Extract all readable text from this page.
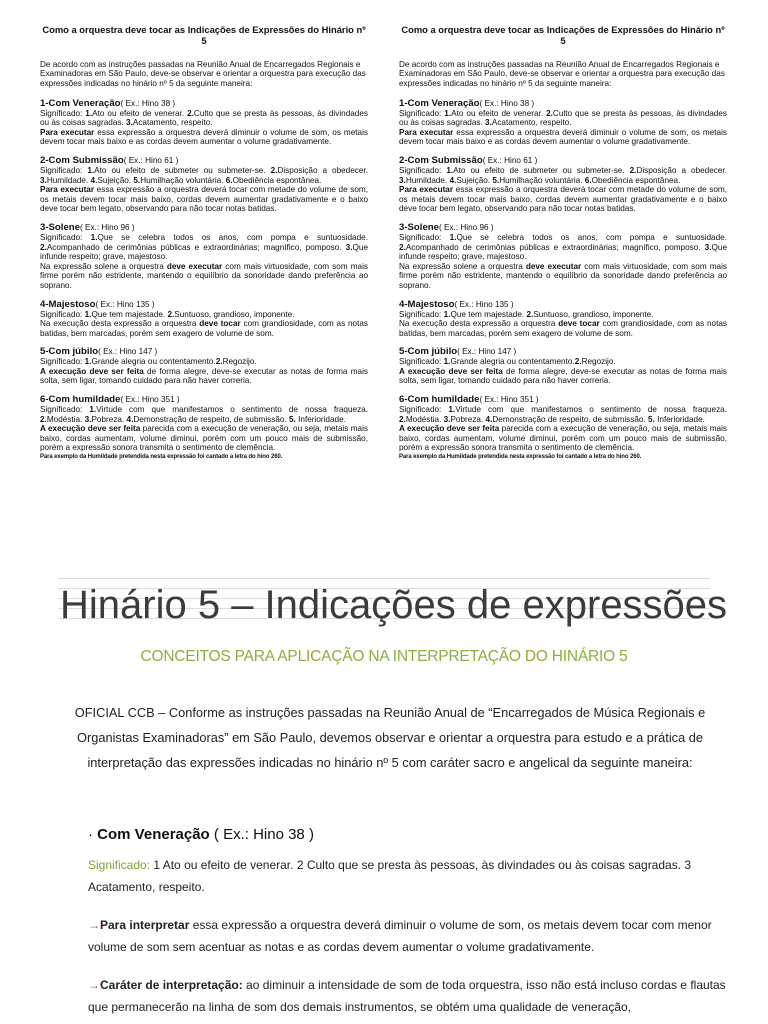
Como a orquestra deve tocar as Indicações de Expressões do Hinário nº 5

De acordo com as instruções passadas na Reunião Anual de Encarregados Regionais e Examinadoras em São Paulo, deve-se observar e orientar a orquestra para execução das expressões indicadas no hinário nº 5 da seguinte maneira:

1-Com Veneração( Ex.: Hino 38 )

Significado: 1.Ato ou efeito de venerar. 2.Culto que se presta às pessoas, às divindades ou às coisas sagradas. 3.Acatamento, respeito.

Para executar essa expressão a orquestra deverá diminuir o volume de som, os metais devem tocar mais baixo e as cordas devem aumentar o volume gradativamente.

2-Com Submissão( Ex.: Hino 61 )

Significado: 1.Ato ou efeito de submeter ou submeter-se. 2.Disposição a obedecer. 3.Humildade. 4.Sujeição. 5.Humilhação voluntária. 6.Obediência espontânea.

Para executar essa expressão a orquestra deverá tocar com metade do volume de som, os metais devem tocar mais baixo, cordas devem aumentar gradativamente e o baixo deve tocar bem legato, observando para não tocar notas batidas.

3-Solene( Ex.: Hino 96 )

Significado: 1.Que se celebra todos os anos, com pompa e suntuosidade. 2.Acompanhado de cerimônias públicas e extraordinárias; magnífico, pomposo. 3.Que infunde respeito; grave, majestoso.

Na expressão solene a orquestra deve executar com mais virtuosidade, com som mais firme porém não estridente, mantendo o equilíbrio da sonoridade dando preferência ao soprano.

4-Majestoso( Ex.: Hino 135 )

Significado: 1.Que tem majestade. 2.Suntuoso, grandioso, imponente.

Na execução desta expressão a orquestra deve tocar com grandiosidade, com as notas batidas, bem marcadas, porém sem exagero de volume de som.

5-Com júbilo( Ex.: Hino 147 )

Significado: 1.Grande alegria ou contentamento.2.Regozijo.

A execução deve ser feita de forma alegre, deve-se executar as notas de forma mais solta, sem ligar, tomando cuidado para não haver correria.

6-Com humildade( Ex.: Hino 351 )

Significado: 1.Virtude com que manifestamos o sentimento de nossa fraqueza. 2.Modéstia. 3.Pobreza. 4.Demonstração de respeito, de submissão. 5. Inferioridade.

A execução deve ser feita parecida com a execução de veneração, ou seja, metais mais baixo, cordas aumentam, volume diminui, porém com um pouco mais de submissão, porém a expressão sonora transmita o sentimento de clemência.

Para exemplo da Humildade pretendida nesta expressão foi cantado a letra do hino 260.

Como a orquestra deve tocar as Indicações de Expressões do Hinário nº 5

De acordo com as instruções passadas na Reunião Anual de Encarregados Regionais e Examinadoras em São Paulo, deve-se observar e orientar a orquestra para execução das expressões indicadas no hinário nº 5 da seguinte maneira:

1-Com Veneração( Ex.: Hino 38 )

Significado: 1.Ato ou efeito de venerar. 2.Culto que se presta às pessoas, às divindades ou às coisas sagradas. 3.Acatamento, respeito.

Para executar essa expressão a orquestra deverá diminuir o volume de som, os metais devem tocar mais baixo e as cordas devem aumentar o volume gradativamente.

2-Com Submissão( Ex.: Hino 61 )

Significado: 1.Ato ou efeito de submeter ou submeter-se. 2.Disposição a obedecer. 3.Humildade. 4.Sujeição. 5.Humilhação voluntária. 6.Obediência espontânea.

Para executar essa expressão a orquestra deverá tocar com metade do volume de som, os metais devem tocar mais baixo, cordas devem aumentar gradativamente e o baixo deve tocar bem legato, observando para não tocar notas batidas.

3-Solene( Ex.: Hino 96 )

Significado: 1.Que se celebra todos os anos, com pompa e suntuosidade. 2.Acompanhado de cerimônias públicas e extraordinárias; magnífico, pomposo. 3.Que infunde respeito; grave, majestoso.

Na expressão solene a orquestra deve executar com mais virtuosidade, com som mais firme porém não estridente, mantendo o equilíbrio da sonoridade dando preferência ao soprano.

4-Majestoso( Ex.: Hino 135 )

Significado: 1.Que tem majestade. 2.Suntuoso, grandioso, imponente.

Na execução desta expressão a orquestra deve tocar com grandiosidade, com as notas batidas, bem marcadas, porém sem exagero de volume de som.

5-Com júbilo( Ex.: Hino 147 )

Significado: 1.Grande alegria ou contentamento.2.Regozijo.

A execução deve ser feita de forma alegre, deve-se executar as notas de forma mais solta, sem ligar, tomando cuidado para não haver correria.

6-Com humildade( Ex.: Hino 351 )

Significado: 1.Virtude com que manifestamos o sentimento de nossa fraqueza. 2.Modéstia. 3.Pobreza. 4.Demonstração de respeito, de submissão. 5. Inferioridade.

A execução deve ser feita parecida com a execução de veneração, ou seja, metais mais baixo, cordas aumentam, volume diminui, porém com um pouco mais de submissão, porém a expressão sonora transmita o sentimento de clemência.

Para exemplo da Humildade pretendida nesta expressão foi cantado a letra do hino 260.

Hinário 5 – Indicações de expressões
CONCEITOS PARA APLICAÇÃO NA INTERPRETAÇÃO DO HINÁRIO 5
OFICIAL CCB – Conforme as instruções passadas na Reunião Anual de “Encarregados de Música Regionais e Organistas Examinadoras” em São Paulo, devemos observar e orientar a orquestra para estudo e a prática de interpretação das expressões indicadas no hinário nº 5 com caráter sacro e angelical da seguinte maneira:
· Com Veneração ( Ex.: Hino 38 )
Significado: 1 Ato ou efeito de venerar. 2 Culto que se presta às pessoas, às divindades ou às coisas sagradas. 3 Acatamento, respeito.
→Para interpretar essa expressão a orquestra deverá diminuir o volume de som, os metais devem tocar com menor volume de som sem acentuar as notas e as cordas devem aumentar o volume gradativamente.
→Caráter de interpretação: ao diminuir a intensidade de som de toda orquestra, isso não está incluso cordas e flautas que permanecerão na linha de som dos demais instrumentos, se obtém uma qualidade de veneração,
